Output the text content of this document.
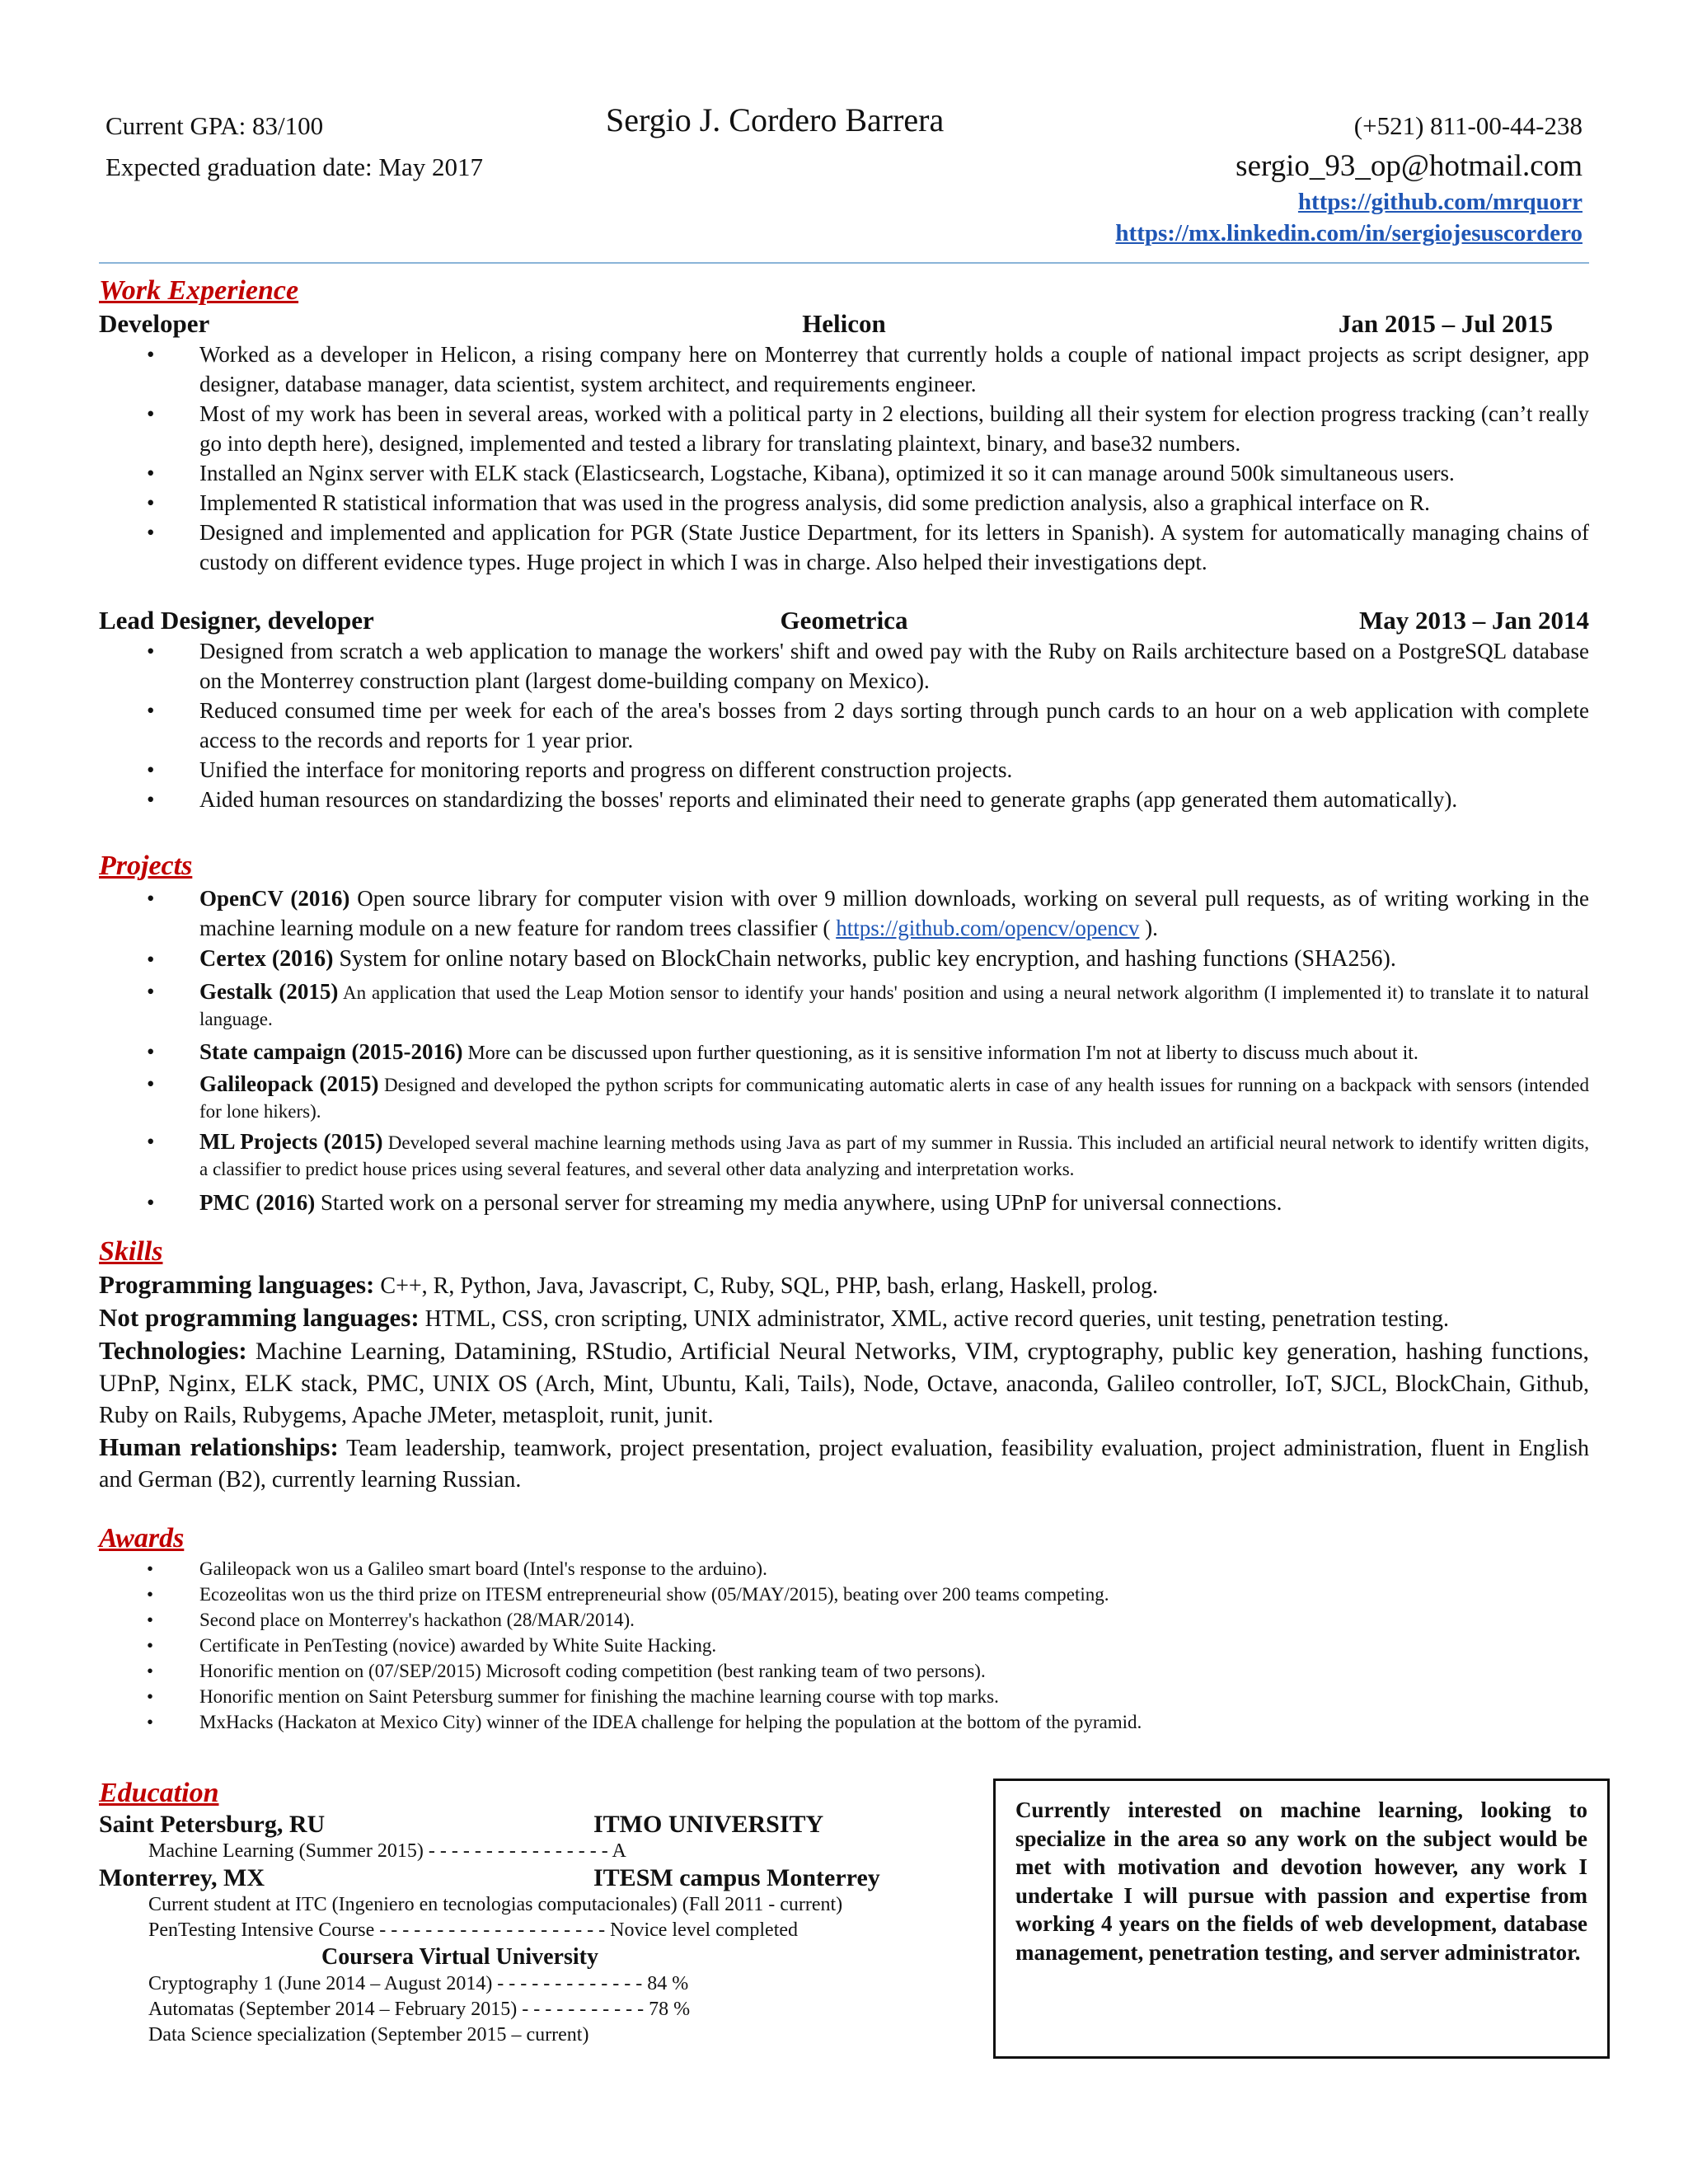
Current GPA: 83/100
Expected graduation date: May 2017
Sergio J. Cordero Barrera	(+521) 811-00-44-238
sergio_93_op@hotmail.com
https://github.com/mrquorr
https://mx.linkedin.com/in/sergiojesuscordero
Work Experience
Developer	Helicon	Jan 2015 – Jul 2015
• Worked as a developer in Helicon, a rising company here on Monterrey that currently holds a couple of national impact projects as script designer, app designer, database manager, data scientist, system architect, and requirements engineer.
• Most of my work has been in several areas, worked with a political party in 2 elections, building all their system for election progress tracking (can’t really go into depth here), designed, implemented and tested a library for translating plaintext, binary, and base32 numbers.
• Installed an Nginx server with ELK stack (Elasticsearch, Logstache, Kibana), optimized it so it can manage around 500k simultaneous users.
• Implemented R statistical information that was used in the progress analysis, did some prediction analysis, also a graphical interface on R.
• Designed and implemented and application for PGR (State Justice Department, for its letters in Spanish). A system for automatically managing chains of custody on different evidence types. Huge project in which I was in charge. Also helped their investigations dept.
Lead Designer, developer	Geometrica	May 2013 – Jan 2014
• Designed from scratch a web application to manage the workers' shift and owed pay with the Ruby on Rails architecture based on a PostgreSQL database on the Monterrey construction plant (largest dome-building company on Mexico).
• Reduced consumed time per week for each of the area's bosses from 2 days sorting through punch cards to an hour on a web application with complete access to the records and reports for 1 year prior.
• Unified the interface for monitoring reports and progress on different construction projects.
• Aided human resources on standardizing the bosses' reports and eliminated their need to generate graphs (app generated them automatically).
Projects
• OpenCV (2016) Open source library for computer vision with over 9 million downloads, working on several pull requests, as of writing working in the machine learning module on a new feature for random trees classifier ( https://github.com/opencv/opencv ).
• Certex (2016) System for online notary based on BlockChain networks, public key encryption, and hashing functions (SHA256).
• Gestalk (2015) An application that used the Leap Motion sensor to identify your hands' position and using a neural network algorithm (I implemented it) to translate it to natural language.
• State campaign (2015-2016) More can be discussed upon further questioning, as it is sensitive information I'm not at liberty to discuss much about it.
• Galileopack (2015) Designed and developed the python scripts for communicating automatic alerts in case of any health issues for running on a backpack with sensors (intended for lone hikers).
• ML Projects (2015) Developed several machine learning methods using Java as part of my summer in Russia. This included an artificial neural network to identify written digits, a classifier to predict house prices using several features, and several other data analyzing and interpretation works.
• PMC (2016) Started work on a personal server for streaming my media anywhere, using UPnP for universal connections.
Skills
Programming languages: C++, R, Python, Java, Javascript, C, Ruby, SQL, PHP, bash, erlang, Haskell, prolog.
Not programming languages: HTML, CSS, cron scripting, UNIX administrator, XML, active record queries, unit testing, penetration testing.
Technologies: Machine Learning, Datamining, RStudio, Artificial Neural Networks, VIM, cryptography, public key generation, hashing functions, UPnP, Nginx, ELK stack, PMC, UNIX OS (Arch, Mint, Ubuntu, Kali, Tails), Node, Octave, anaconda, Galileo controller, IoT, SJCL, BlockChain, Github, Ruby on Rails, Rubygems, Apache JMeter, metasploit, runit, junit.
Human relationships: Team leadership, teamwork, project presentation, project evaluation, feasibility evaluation, project administration, fluent in English and German (B2), currently learning Russian.
Awards
• Galileopack won us a Galileo smart board (Intel's response to the arduino).
• Ecozeolitas won us the third prize on ITESM entrepreneurial show (05/MAY/2015), beating over 200 teams competing.
• Second place on Monterrey's hackathon (28/MAR/2014).
• Certificate in PenTesting (novice) awarded by White Suite Hacking.
• Honorific mention on (07/SEP/2015) Microsoft coding competition (best ranking team of two persons).
• Honorific mention on Saint Petersburg summer for finishing the machine learning course with top marks.
• MxHacks (Hackaton at Mexico City) winner of the IDEA challenge for helping the population at the bottom of the pyramid.
Education
Saint Petersburg, RU	ITMO UNIVERSITY
Machine Learning (Summer 2015) - - - - - - - - - - - - - - - - A
Monterrey, MX	ITESM campus Monterrey
Current student at ITC (Ingeniero en tecnologias computacionales) (Fall 2011 - current)
PenTesting Intensive Course - - - - - - - - - - - - - - - - - - - - Novice level completed
Coursera Virtual University
Cryptography 1 (June 2014 – August 2014) - - - - - - - - - - - - - 84 %
Automatas (September 2014 – February 2015) - - - - - - - - - - - 78 %
Data Science specialization (September 2015 – current)
Currently interested on machine learning, looking to specialize in the area so any work on the subject would be met with motivation and devotion however, any work I undertake I will pursue with passion and expertise from working 4 years on the fields of web development, database management, penetration testing, and server administrator.
